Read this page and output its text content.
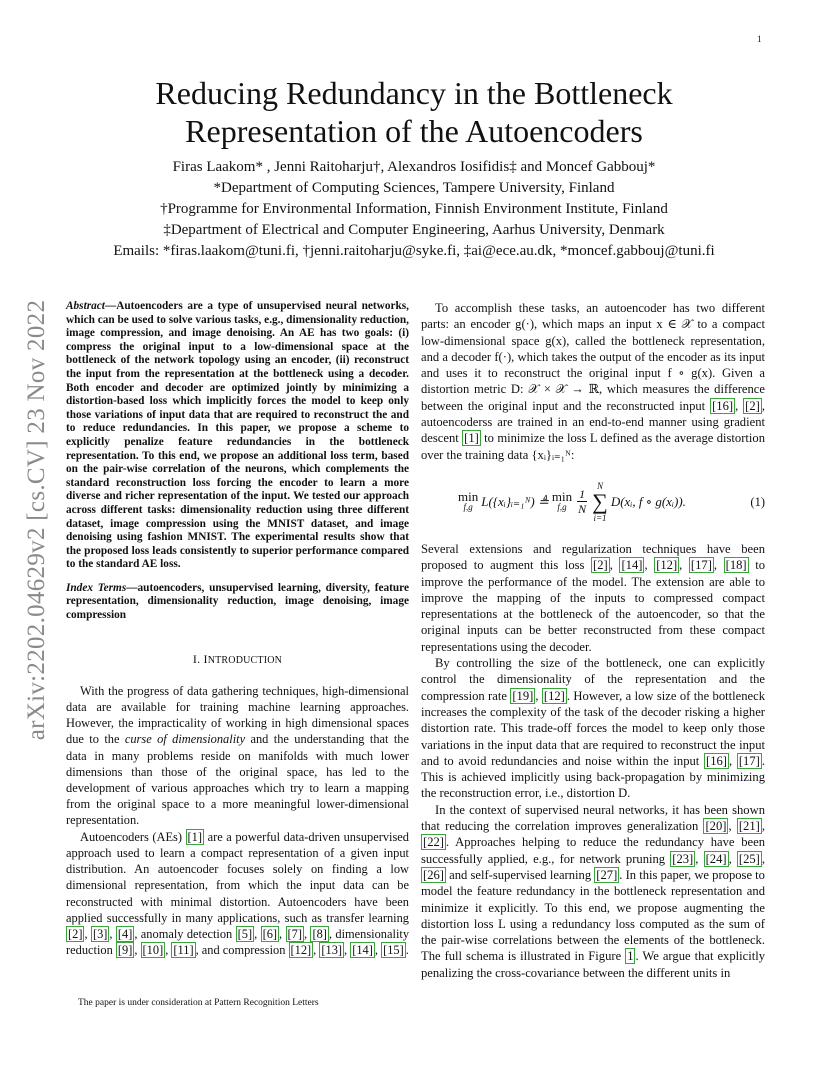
1
arXiv:2202.04629v2 [cs.CV] 23 Nov 2022
Reducing Redundancy in the Bottleneck
Representation of the Autoencoders
Firas Laakom* , Jenni Raitoharju†, Alexandros Iosifidis‡ and Moncef Gabbouj*
*Department of Computing Sciences, Tampere University, Finland
†Programme for Environmental Information, Finnish Environment Institute, Finland
‡Department of Electrical and Computer Engineering, Aarhus University, Denmark
Emails: *firas.laakom@tuni.fi, †jenni.raitoharju@syke.fi, ‡ai@ece.au.dk, *moncef.gabbouj@tuni.fi
Abstract—Autoencoders are a type of unsupervised neural networks, which can be used to solve various tasks, e.g., dimensionality reduction, image compression, and image denoising. An AE has two goals: (i) compress the original input to a low-dimensional space at the bottleneck of the network topology using an encoder, (ii) reconstruct the input from the representation at the bottleneck using a decoder. Both encoder and decoder are optimized jointly by minimizing a distortion-based loss which implicitly forces the model to keep only those variations of input data that are required to reconstruct the and to reduce redundancies. In this paper, we propose a scheme to explicitly penalize feature redundancies in the bottleneck representation. To this end, we propose an additional loss term, based on the pair-wise correlation of the neurons, which complements the standard reconstruction loss forcing the encoder to learn a more diverse and richer representation of the input. We tested our approach across different tasks: dimensionality reduction using three different dataset, image compression using the MNIST dataset, and image denoising using fashion MNIST. The experimental results show that the proposed loss leads consistently to superior performance compared to the standard AE loss.
Index Terms—autoencoders, unsupervised learning, diversity, feature representation, dimensionality reduction, image denoising, image compression
I. INTRODUCTION

With the progress of data gathering techniques, high-dimensional data are available for training machine learning approaches. However, the impracticality of working in high dimensional spaces due to the curse of dimensionality and the understanding that the data in many problems reside on manifolds with much lower dimensions than those of the original space, has led to the development of various approaches which try to learn a mapping from the original space to a more meaningful lower-dimensional representation.

Autoencoders (AEs) [1] are a powerful data-driven unsupervised approach used to learn a compact representation of a given input distribution. An autoencoder focuses solely on finding a low dimensional representation, from which the input data can be reconstructed with minimal distortion. Autoencoders have been applied successfully in many applications, such as transfer learning [2] , [3] , [4] , anomaly detection [5] , [6] , [7] , [8] , dimensionality reduction [9] , [10] , [11] , and compression [12] , [13] , [14] , [15] .

To accomplish these tasks, an autoencoder has two different parts: an encoder g(·), which maps an input x ∈ 𝒳 to a compact low-dimensional space g(x), called the bottleneck representation, and a decoder f(·), which takes the output of the encoder as its input and uses it to reconstruct the original input f ∘ g(x). Given a distortion metric D: 𝒳 × 𝒳 → ℝ, which measures the difference between the original input and the reconstructed input [16] , [2] , autoencoderss are trained in an end-to-end manner using gradient descent [1] to minimize the loss L defined as the average distortion over the training data {xᵢ}ᵢ₌₁ᴺ:

min
f,g L({xᵢ}ᵢ₌₁ᴺ) ≜ min
$f,g \frac{1}{N}$
N
∑
i=1
D(xᵢ, f ∘ g(xᵢ)).	(1)

Several extensions and regularization techniques have been proposed to augment this loss [2] , [14] , [12] , [17] , [18] to improve the performance of the model. The extension are able to improve the mapping of the inputs to compressed compact representations at the bottleneck of the autoencoder, so that the original inputs can be better reconstructed from these compact representations using the decoder.

By controlling the size of the bottleneck, one can explicitly control the dimensionality of the representation and the compression rate [19] , [12] . However, a low size of the bottleneck increases the complexity of the task of the decoder risking a higher distortion rate. This trade-off forces the model to keep only those variations in the input data that are required to reconstruct the input and to avoid redundancies and noise within the input [16] , [17] . This is achieved implicitly using back-propagation by minimizing the reconstruction error, i.e., distortion D.

In the context of supervised neural networks, it has been shown that reducing the correlation improves generalization [20] , [21] , [22] . Approaches helping to reduce the redundancy have been successfully applied, e.g., for network pruning [23] , [24] , [25] , [26] and self-supervised learning [27] . In this paper, we propose to model the feature redundancy in the bottleneck representation and minimize it explicitly. To this end, we propose augmenting the distortion loss L using a redundancy loss computed as the sum of the pair-wise correlations between the elements of the bottleneck. The full schema is illustrated in Figure 1 . We argue that explicitly penalizing the cross-covariance between the different units in

The paper is under consideration at Pattern Recognition Letters
